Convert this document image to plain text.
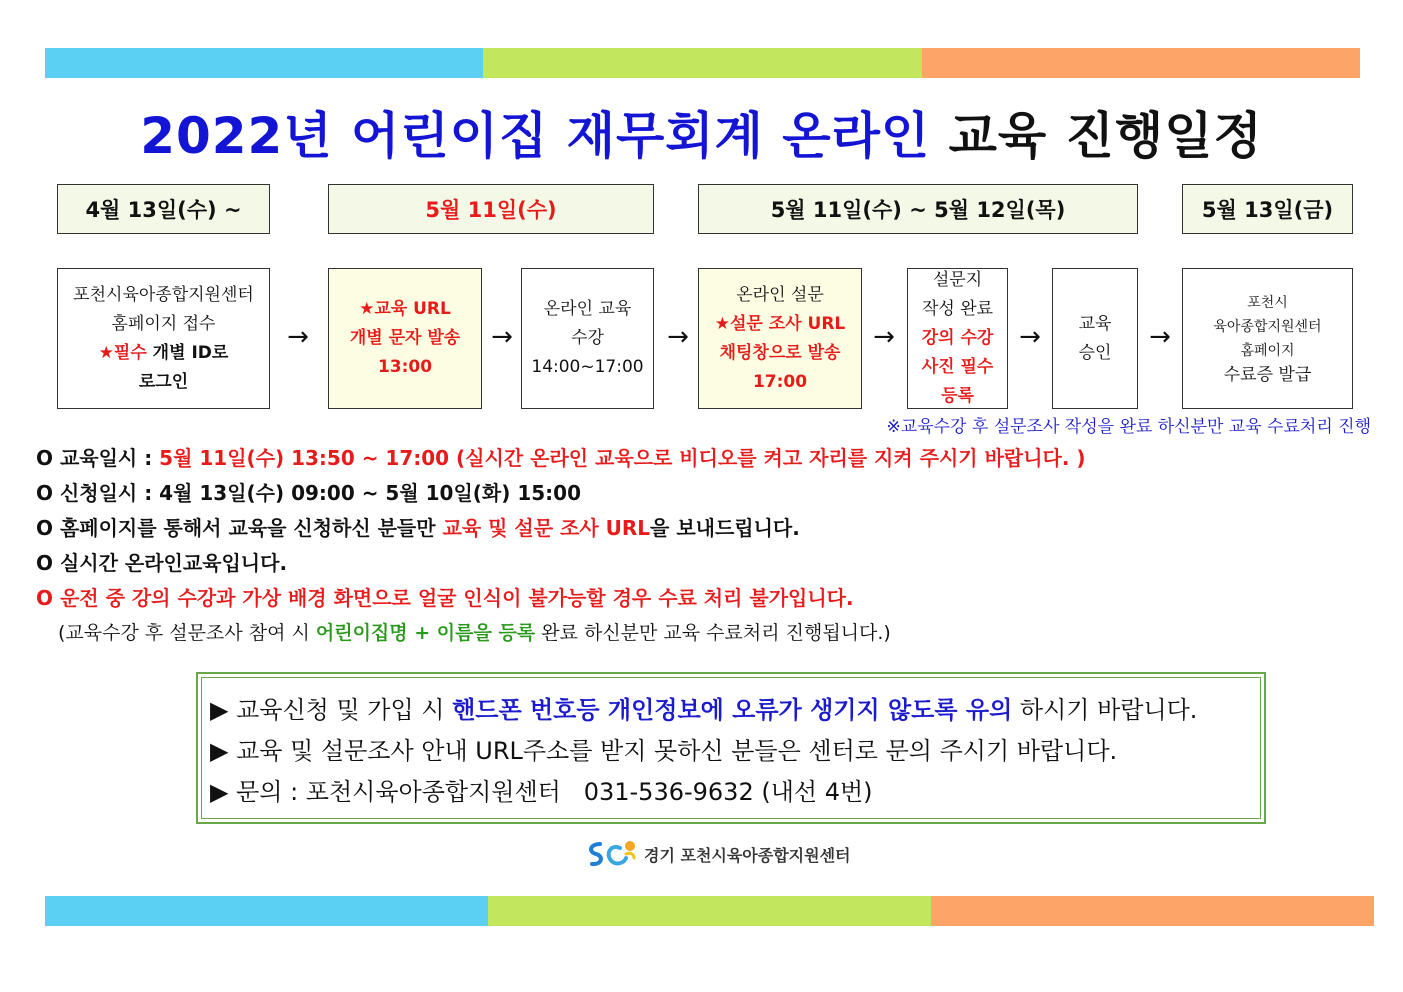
2022년 어린이집 재무회계 온라인 교육 진행일정
4월 13일(수) ~	5월 11일(수)	5월 11일(수) ~ 5월 12일(목)	5월 13일(금)
포천시육아종합지원센터
홈페이지 접수
★필수 개별 ID로
로그인
→
★교육 URL
개별 문자 발송
13:00
→
온라인 교육
수강
14:00~17:00
→
온라인 설문
★설문 조사 URL
채팅창으로 발송
17:00
→
설문지
작성 완료
강의 수강
사진 필수
등록
→	교육
승인
→
포천시
육아종합지원센터
홈페이지
수료증 발급
※교육수강 후 설문조사 작성을 완료 하신분만 교육 수료처리 진행
O 교육일시 : 5월 11일(수) 13:50 ~ 17:00 (실시간 온라인 교육으로 비디오를 켜고 자리를 지켜 주시기 바랍니다. )
O 신청일시 : 4월 13일(수) 09:00 ~ 5월 10일(화) 15:00
O 홈페이지를 통해서 교육을 신청하신 분들만 교육 및 설문 조사 URL을 보내드립니다.
O 실시간 온라인교육입니다.
O 운전 중 강의 수강과 가상 배경 화면으로 얼굴 인식이 불가능할 경우 수료 처리 불가입니다.
(교육수강 후 설문조사 참여 시 어린이집명 + 이름을 등록 완료 하신분만 교육 수료처리 진행됩니다.)
▶ 교육신청 및 가입 시 핸드폰 번호등 개인정보에 오류가 생기지 않도록 유의 하시기 바랍니다.
▶ 교육 및 설문조사 안내 URL주소를 받지 못하신 분들은 센터로 문의 주시기 바랍니다.
▶ 문의 : 포천시육아종합지원센터   031-536-9632 (내선 4번)
경기 포천시육아종합지원센터
